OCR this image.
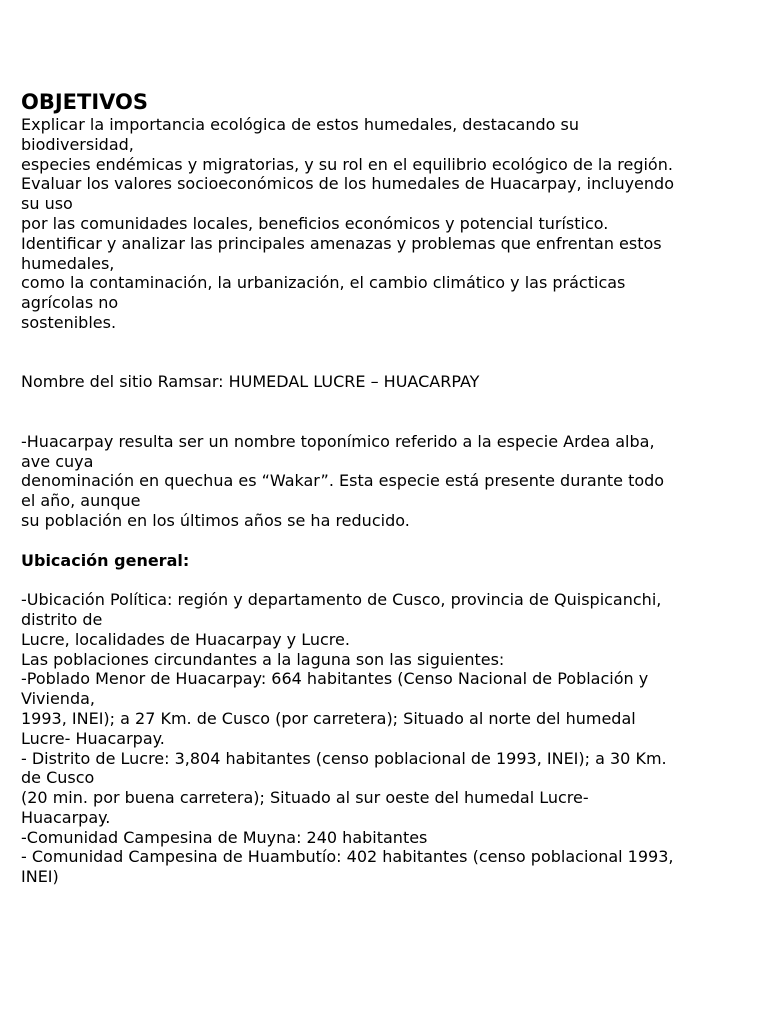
OBJETIVOS
Explicar la importancia ecológica de estos humedales, destacando su
biodiversidad,
especies endémicas y migratorias, y su rol en el equilibrio ecológico de la región.
Evaluar los valores socioeconómicos de los humedales de Huacarpay, incluyendo
su uso
por las comunidades locales, beneficios económicos y potencial turístico.
Identificar y analizar las principales amenazas y problemas que enfrentan estos
humedales,
como la contaminación, la urbanización, el cambio climático y las prácticas
agrícolas no
sostenibles.
Nombre del sitio Ramsar: HUMEDAL LUCRE – HUACARPAY
-Huacarpay resulta ser un nombre toponímico referido a la especie Ardea alba,
ave cuya
denominación en quechua es “Wakar”. Esta especie está presente durante todo
el año, aunque
su población en los últimos años se ha reducido.
Ubicación general:
-Ubicación Política: región y departamento de Cusco, provincia de Quispicanchi,
distrito de
Lucre, localidades de Huacarpay y Lucre.
Las poblaciones circundantes a la laguna son las siguientes:
-Poblado Menor de Huacarpay: 664 habitantes (Censo Nacional de Población y
Vivienda,
1993, INEI); a 27 Km. de Cusco (por carretera); Situado al norte del humedal
Lucre- Huacarpay.
- Distrito de Lucre: 3,804 habitantes (censo poblacional de 1993, INEI); a 30 Km.
de Cusco
(20 min. por buena carretera); Situado al sur oeste del humedal Lucre-
Huacarpay.
-Comunidad Campesina de Muyna: 240 habitantes
- Comunidad Campesina de Huambutío: 402 habitantes (censo poblacional 1993,
INEI)
